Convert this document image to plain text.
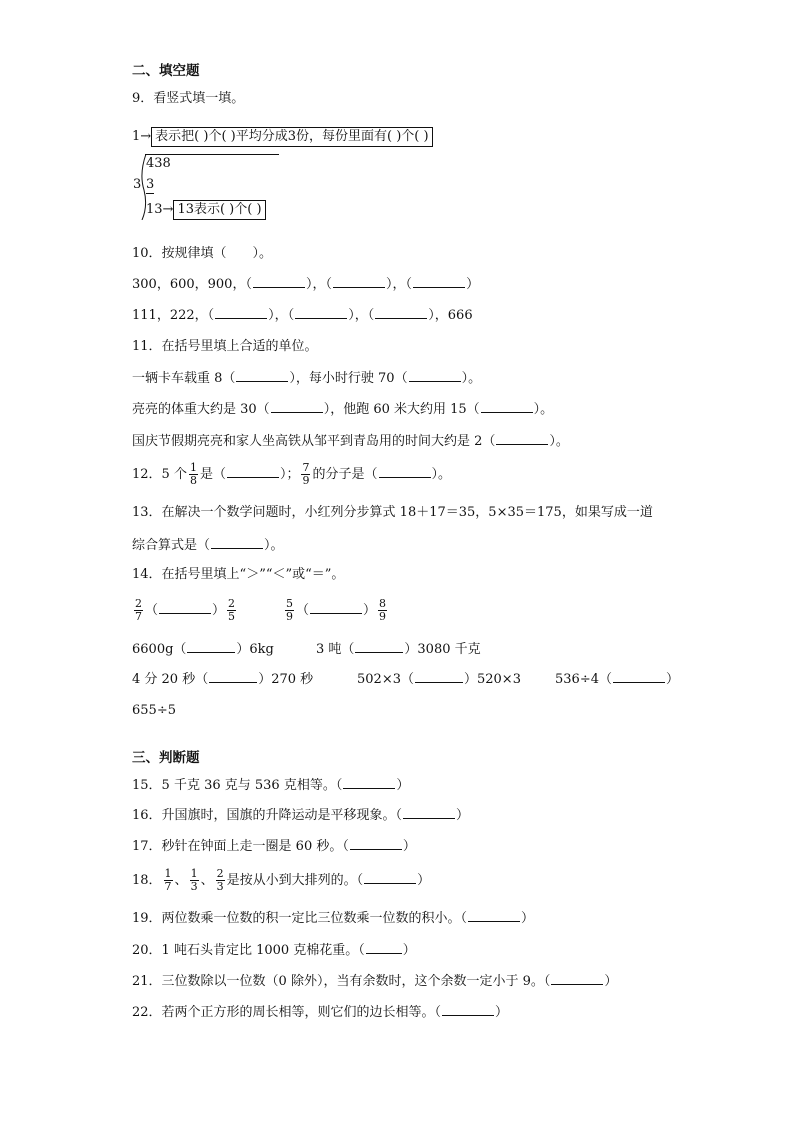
二、填空题
9．看竖式填一填。
1→ 表示把( )个( )平均分成3份，每份里面有( )个( )
438
3 3
13→ 13表示( )个( )
10．按规律填（　　）。
300，600，900，（	），（	），（	）
111，222，（	），（	），（	），666
11．在括号里填上合适的单位。
一辆卡车载重 8（	），每小时行驶 70（	）。
亮亮的体重大约是 30（	），他跑 60 米大约用 15（	）。
国庆节假期亮亮和家人坐高铁从邹平到青岛用的时间大约是 2（	）。
12．5 个 $\frac{1}{8}$ 是（	）； $\frac{7}{9}$ 的分子是（	）。
13．在解决一个数学问题时，小红列分步算式 18＋17＝35，5×35＝175，如果写成一道
综合算式是（	）。
14．在括号里填上“＞”“＜”或“＝”。
$\frac{2}{7}$ （	） $\frac{2}{5}$	$\frac{5}{9}$ （	） $\frac{8}{9}$
6600g（	）6kg	3 吨（	）3080 千克
4 分 20 秒（	）270 秒	502×3（	）520×3	536÷4（	）
655÷5
三、判断题
15．5 千克 36 克与 536 克相等。（	）
16．升国旗时，国旗的升降运动是平移现象。（	）
17．秒针在钟面上走一圈是 60 秒。（	）
18． $\frac{1}{7}$ 、 $\frac{1}{3}$ 、 $\frac{2}{3}$ 是按从小到大排列的。（	）
19．两位数乘一位数的积一定比三位数乘一位数的积小。（	）
20．1 吨石头肯定比 1000 克棉花重。（	）
21．三位数除以一位数（0 除外），当有余数时，这个余数一定小于 9。（	）
22．若两个正方形的周长相等，则它们的边长相等。（	）
